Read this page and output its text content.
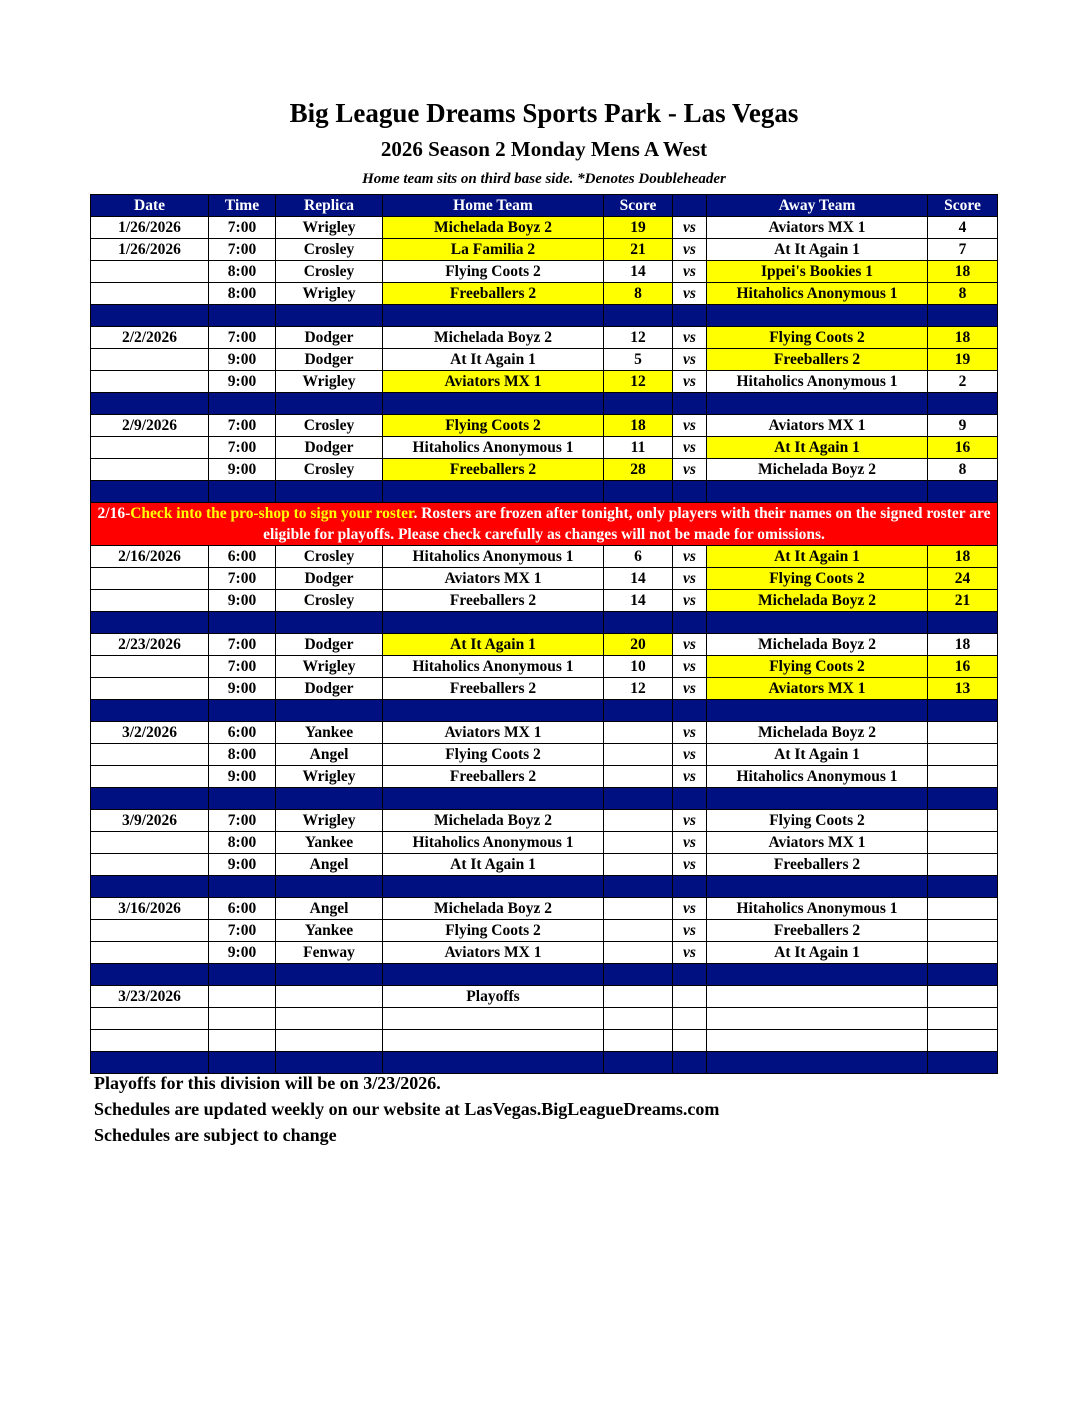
Big League Dreams Sports Park - Las Vegas
2026 Season 2 Monday Mens A West
Home team sits on third base side. *Denotes Doubleheader
Date	Time	Replica	Home Team	Score		Away Team	Score
1/26/2026	7:00	Wrigley	Michelada Boyz 2	19	vs	Aviators MX 1	4
1/26/2026	7:00	Crosley	La Familia 2	21	vs	At It Again 1	7
	8:00	Crosley	Flying Coots 2	14	vs	Ippei's Bookies 1	18
	8:00	Wrigley	Freeballers 2	8	vs	Hitaholics Anonymous 1	8

2/2/2026	7:00	Dodger	Michelada Boyz 2	12	vs	Flying Coots 2	18
	9:00	Dodger	At It Again 1	5	vs	Freeballers 2	19
	9:00	Wrigley	Aviators MX 1	12	vs	Hitaholics Anonymous 1	2

2/9/2026	7:00	Crosley	Flying Coots 2	18	vs	Aviators MX 1	9
	7:00	Dodger	Hitaholics Anonymous 1	11	vs	At It Again 1	16
	9:00	Crosley	Freeballers 2	28	vs	Michelada Boyz 2	8

2/16-Check into the pro-shop to sign your roster. Rosters are frozen after tonight, only players with their names on the signed roster are eligible for playoffs. Please check carefully as changes will not be made for omissions.							
2/16/2026	6:00	Crosley	Hitaholics Anonymous 1	6	vs	At It Again 1	18
	7:00	Dodger	Aviators MX 1	14	vs	Flying Coots 2	24
	9:00	Crosley	Freeballers 2	14	vs	Michelada Boyz 2	21

2/23/2026	7:00	Dodger	At It Again 1	20	vs	Michelada Boyz 2	18
	7:00	Wrigley	Hitaholics Anonymous 1	10	vs	Flying Coots 2	16
	9:00	Dodger	Freeballers 2	12	vs	Aviators MX 1	13

3/2/2026	6:00	Yankee	Aviators MX 1		vs	Michelada Boyz 2	
	8:00	Angel	Flying Coots 2		vs	At It Again 1	
	9:00	Wrigley	Freeballers 2		vs	Hitaholics Anonymous 1	

3/9/2026	7:00	Wrigley	Michelada Boyz 2		vs	Flying Coots 2	
	8:00	Yankee	Hitaholics Anonymous 1		vs	Aviators MX 1	
	9:00	Angel	At It Again 1		vs	Freeballers 2	

3/16/2026	6:00	Angel	Michelada Boyz 2		vs	Hitaholics Anonymous 1	
	7:00	Yankee	Flying Coots 2		vs	Freeballers 2	
	9:00	Fenway	Aviators MX 1		vs	At It Again 1	

3/23/2026			Playoffs				

Playoffs for this division will be on 3/23/2026.
Schedules are updated weekly on our website at LasVegas.BigLeagueDreams.com
Schedules are subject to change
